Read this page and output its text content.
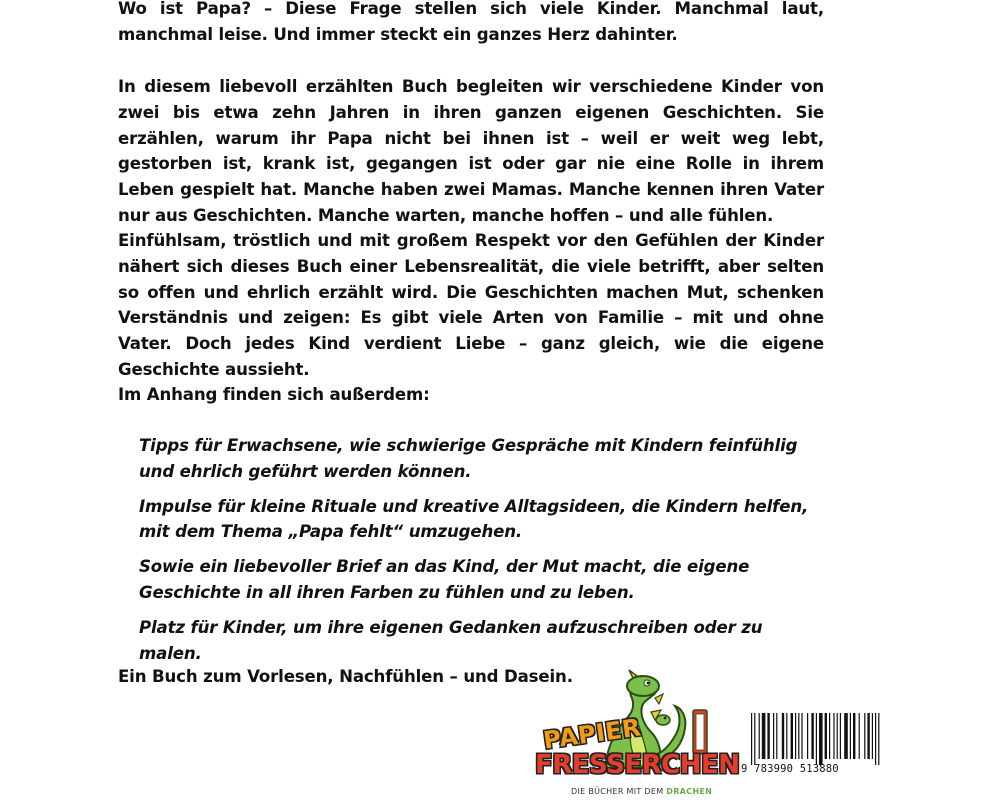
Wo ist Papa? – Diese Frage stellen sich viele Kinder. Manchmal laut, manchmal leise. Und immer steckt ein ganzes Herz dahinter.

In diesem liebevoll erzählten Buch begleiten wir verschiedene Kinder von zwei bis etwa zehn Jahren in ihren ganzen eigenen Geschichten. Sie erzählen, warum ihr Papa nicht bei ihnen ist – weil er weit weg lebt, gestorben ist, krank ist, gegangen ist oder gar nie eine Rolle in ihrem Leben gespielt hat. Manche haben zwei Mamas. Manche kennen ihren Vater nur aus Geschichten. Manche warten, manche hoffen – und alle fühlen.

Einfühlsam, tröstlich und mit großem Respekt vor den Gefühlen der Kinder nähert sich dieses Buch einer Lebensrealität, die viele betrifft, aber selten so offen und ehrlich erzählt wird. Die Geschichten machen Mut, schenken Verständnis und zeigen: Es gibt viele Arten von Familie – mit und ohne Vater. Doch jedes Kind verdient Liebe – ganz gleich, wie die eigene Geschichte aussieht.

Im Anhang finden sich außerdem:

Tipps für Erwachsene, wie schwierige Gespräche mit Kindern feinfühlig und ehrlich geführt werden können.

Impulse für kleine Rituale und kreative Alltagsideen, die Kindern helfen, mit dem Thema „Papa fehlt“ umzugehen.

Sowie ein liebevoller Brief an das Kind, der Mut macht, die eigene Geschichte in all ihren Farben zu fühlen und zu leben.

Platz für Kinder, um ihre eigenen Gedanken aufzuschreiben oder zu malen.

Ein Buch zum Vorlesen, Nachfühlen – und Dasein.

PAPIER
FRESSERCHEN
DIE BÜCHER MIT DEM DRACHEN
9 783990 513880
